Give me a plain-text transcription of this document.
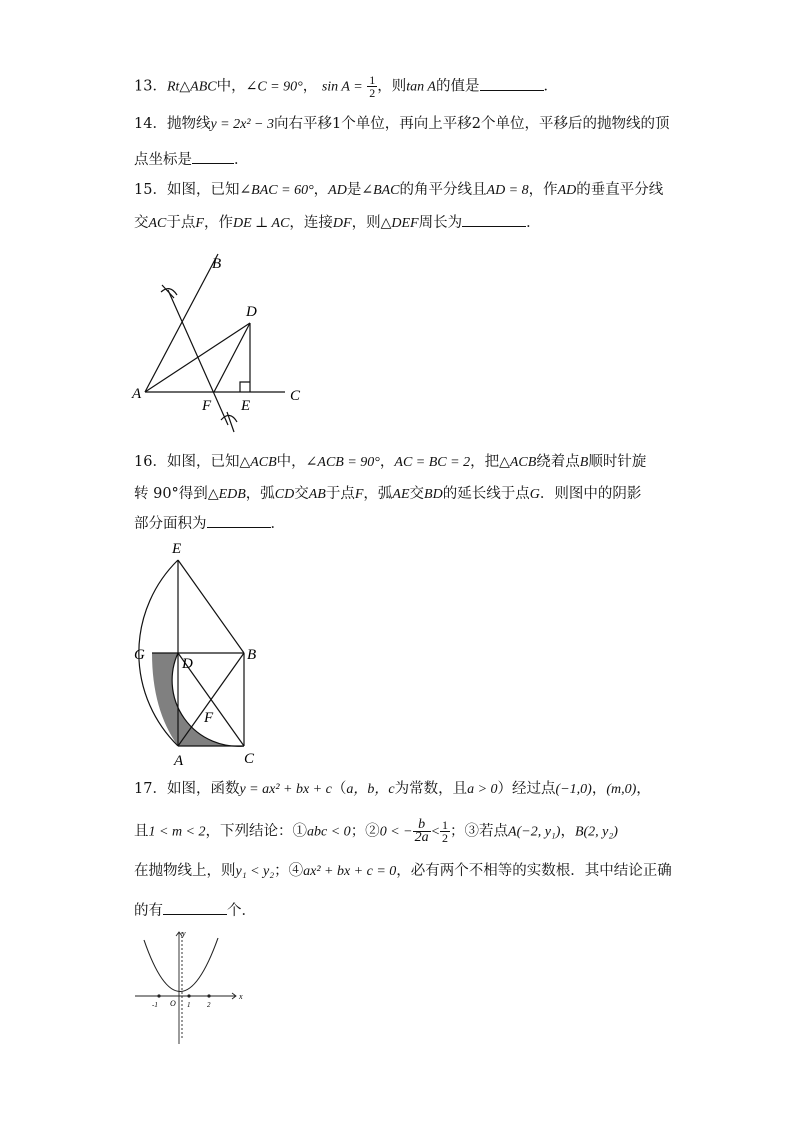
13．Rt△ABC中，∠C = 90°， $\sin A = \frac{1}{2}$ ，则tan A的值是	．
14．抛物线y = 2x² − 3向右平移1个单位，再向上平移2个单位，平移后的抛物线的顶
点坐标是	．
15．如图，已知∠BAC = 60°，AD是∠BAC的角平分线且AD = 8，作AD的垂直平分线
交AC于点F，作DE ⊥ AC，连接DF，则△DEF周长为	．
A
B
C
D
E
F
16．如图，已知△ACB中，∠ACB = 90°，AC = BC = 2，把△ACB绕着点B顺时针旋
转 90°得到△EDB，弧CD交AB于点F，弧AE交BD的延长线于点G．则图中的阴影
部分面积为	．
E
G
D
B
F
A	C
17．如图，函数y = ax² + bx + c（a，b，c为常数，且a > 0）经过点(−1,0)，(m,0)，
且1 < m < 2，下列结论：①abc < 0；②0 < − $\frac{b}{2a} < \frac{1}{2}$ ；③若点A(−2, y₁)，B(2, y₂)
在抛物线上，则y₁ < y₂；④ax² + bx + c = 0，必有两个不相等的实数根．其中结论正确
的有	个．
x
y
O
-1	1 2
